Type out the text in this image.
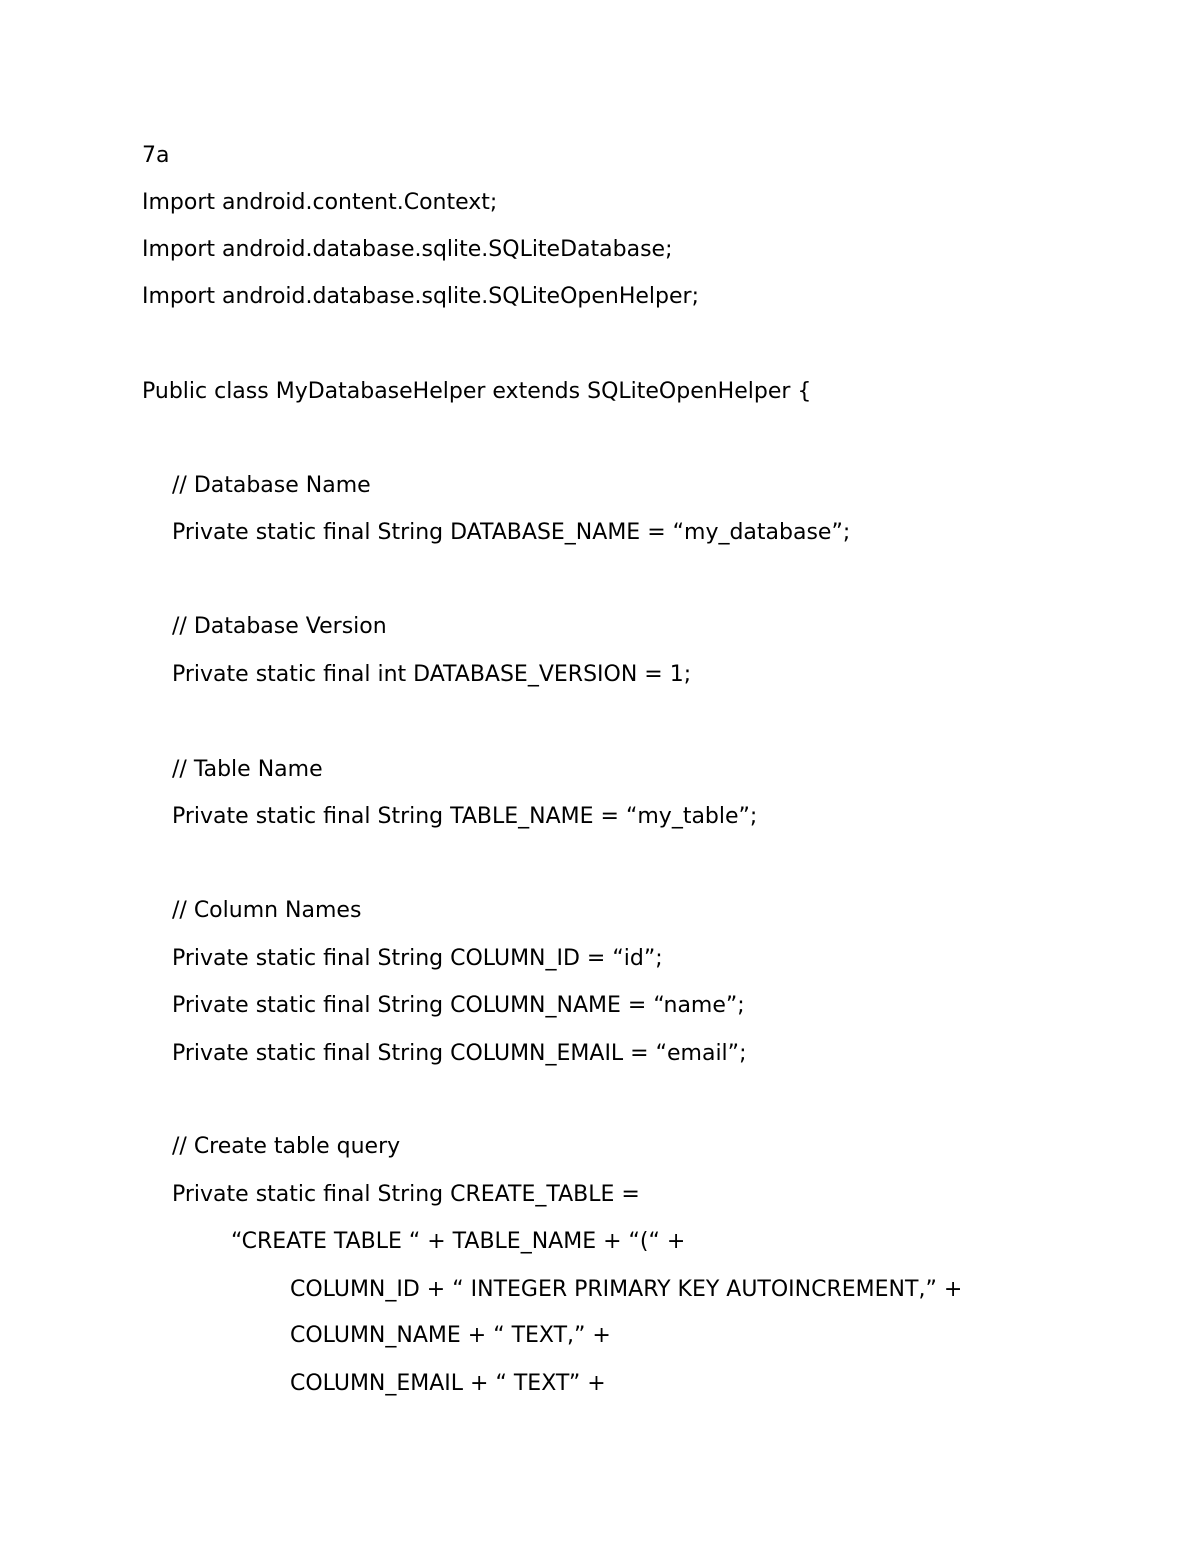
7a
Import android.content.Context;
Import android.database.sqlite.SQLiteDatabase;
Import android.database.sqlite.SQLiteOpenHelper;
Public class MyDatabaseHelper extends SQLiteOpenHelper {
// Database Name
Private static final String DATABASE_NAME = “my_database”;
// Database Version
Private static final int DATABASE_VERSION = 1;
// Table Name
Private static final String TABLE_NAME = “my_table”;
// Column Names
Private static final String COLUMN_ID = “id”;
Private static final String COLUMN_NAME = “name”;
Private static final String COLUMN_EMAIL = “email”;
// Create table query
Private static final String CREATE_TABLE =
“CREATE TABLE “ + TABLE_NAME + “(“ +
COLUMN_ID + “ INTEGER PRIMARY KEY AUTOINCREMENT,” +
COLUMN_NAME + “ TEXT,” +
COLUMN_EMAIL + “ TEXT” +
